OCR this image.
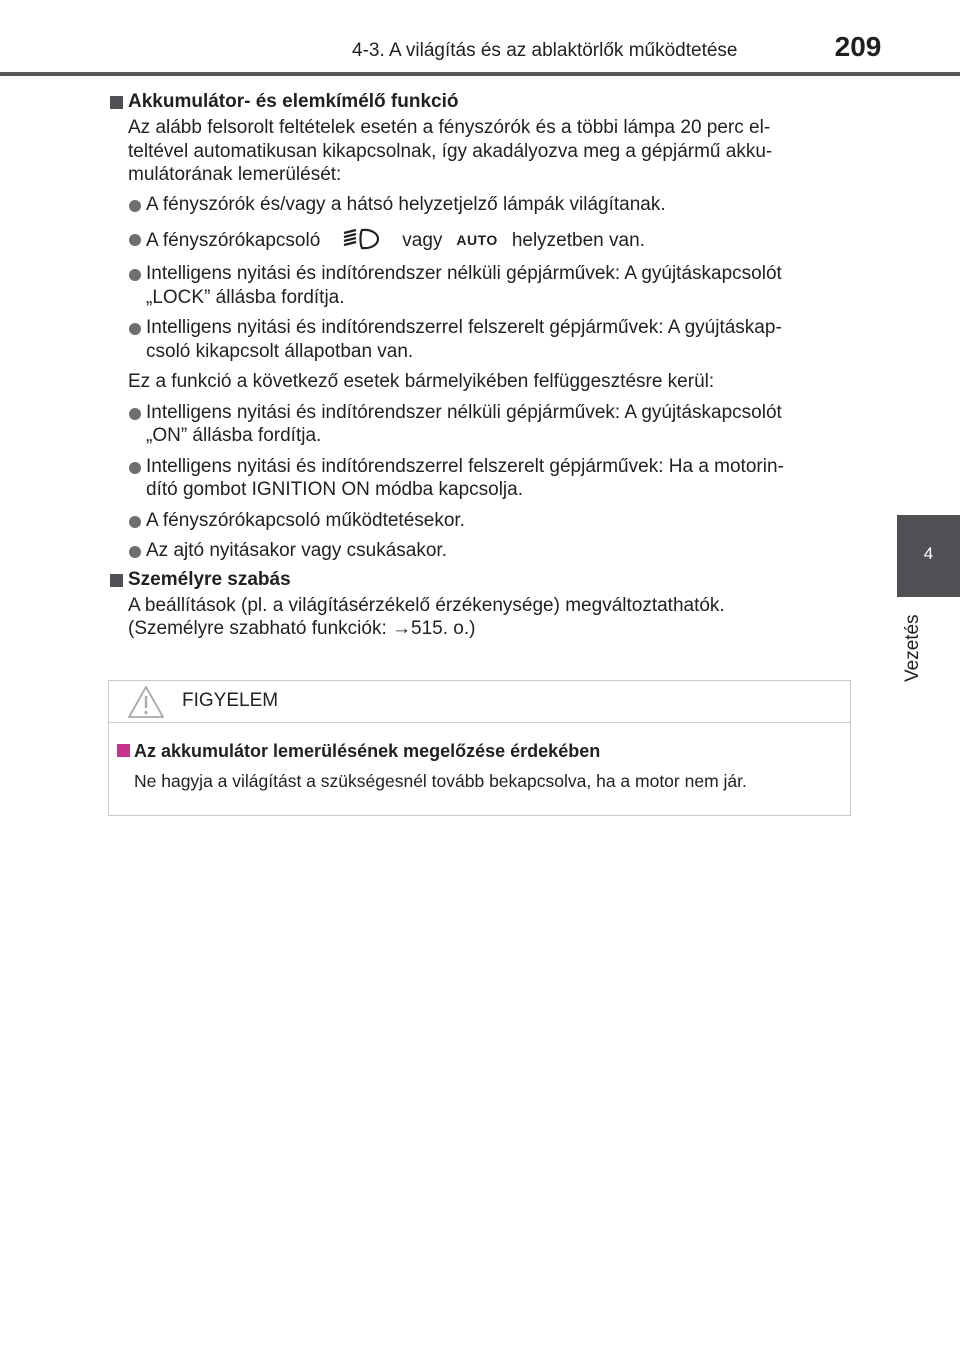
4-3. A világítás és az ablaktörlők működtetése	209
4
Vezetés
Akkumulátor- és elemkímélő funkció
Az alább felsorolt feltételek esetén a fényszórók és a többi lámpa 20 perc el-
teltével automatikusan kikapcsolnak, így akadályozva meg a gépjármű akku-
mulátorának lemerülését:
A fényszórók és/vagy a hátsó helyzetjelző lámpák világítanak.
A fényszórókapcsoló	vagy AUTO helyzetben van.
Intelligens nyitási és indítórendszer nélküli gépjárművek: A gyújtáskapcsolót
„LOCK” állásba fordítja.
Intelligens nyitási és indítórendszerrel felszerelt gépjárművek: A gyújtáskap-
csoló kikapcsolt állapotban van.
Ez a funkció a következő esetek bármelyikében felfüggesztésre kerül:
Intelligens nyitási és indítórendszer nélküli gépjárművek: A gyújtáskapcsolót
„ON” állásba fordítja.
Intelligens nyitási és indítórendszerrel felszerelt gépjárművek: Ha a motorin-
dító gombot IGNITION ON módba kapcsolja.
A fényszórókapcsoló működtetésekor.
Az ajtó nyitásakor vagy csukásakor.
Személyre szabás
A beállítások (pl. a világításérzékelő érzékenysége) megváltoztathatók.
(Személyre szabható funkciók: →515. o.)
FIGYELEM
Az akkumulátor lemerülésének megelőzése érdekében
Ne hagyja a világítást a szükségesnél tovább bekapcsolva, ha a motor nem jár.
